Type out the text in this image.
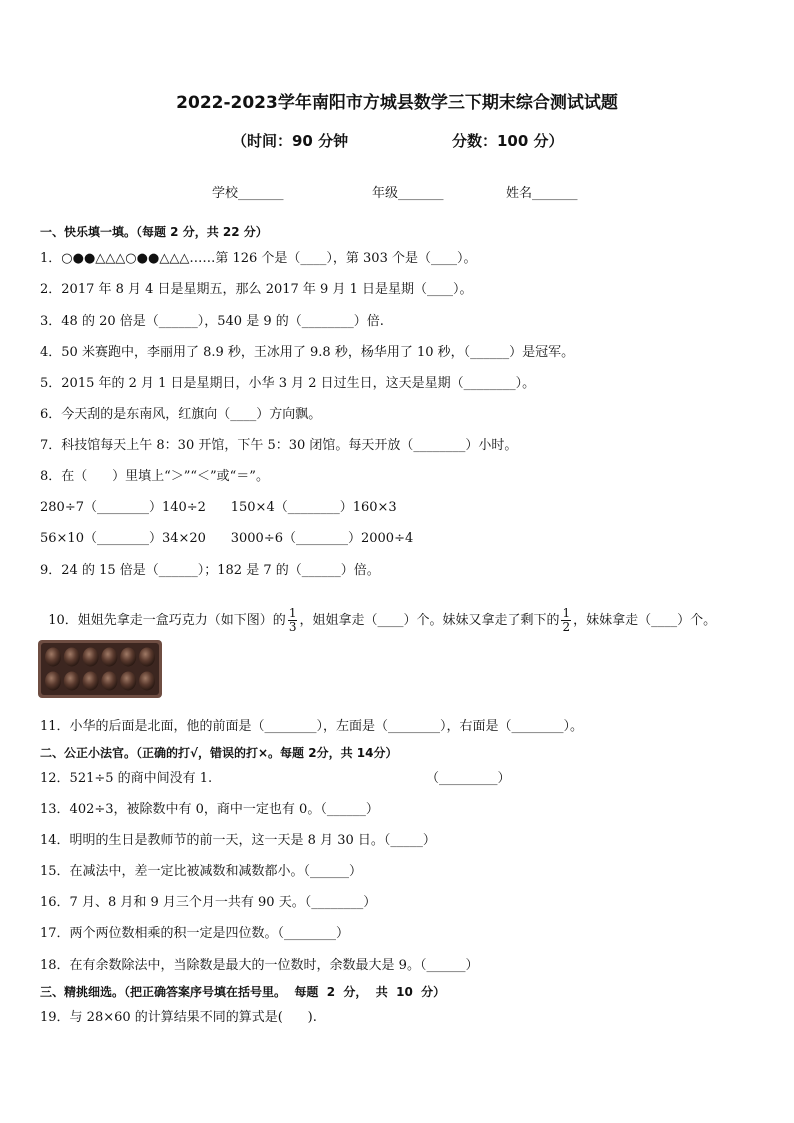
2022-2023学年南阳市方城县数学三下期末综合测试试题
（时间：90 分钟	分数：100 分）
学校_______	年级_______	姓名_______
一、快乐填一填。（每题 2 分，共 22 分）
1．○●●△△△○●●△△△……第 126 个是（____），第 303 个是（____）。
2．2017 年 8 月 4 日是星期五，那么 2017 年 9 月 1 日是星期（____）。
3．48 的 20 倍是（______），540 是 9 的（________）倍.
4．50 米赛跑中，李丽用了 8.9 秒，王冰用了 9.8 秒，杨华用了 10 秒，（______）是冠军。
5．2015 年的 2 月 1 日是星期日，小华 3 月 2 日过生日，这天是星期（________）。
6．今天刮的是东南风，红旗向（____）方向飘。
7．科技馆每天上午 8：30 开馆，下午 5：30 闭馆。每天开放（________）小时。
8．在（      ）里填上“＞”“＜”或“＝”。
280÷7（________）140÷2      150×4（________）160×3
56×10（________）34×20      3000÷6（________）2000÷4
9．24 的 15 倍是（______）；182 是 7 的（______）倍。

10．姐姐先拿走一盒巧克力（如下图）的 $\frac{1}{3}$ ，姐姐拿走（____）个。妹妹又拿走了剩下的 $\frac{1}{2}$ ，妹妹拿走（____）个。

11．小华的后面是北面，他的前面是（________），左面是（________），右面是（________）。
二、公正小法官。（正确的打√，错误的打×。每题 2分，共 14分）
12．521÷5 的商中间没有 1.	（_________）
13．402÷3，被除数中有 0，商中一定也有 0。（______）
14．明明的生日是教师节的前一天，这一天是 8 月 30 日。（_____）
15．在减法中，差一定比被减数和减数都小。（______）
16．7 月、8 月和 9 月三个月一共有 90 天。（________）
17．两个两位数相乘的积一定是四位数。（________）
18．在有余数除法中，当除数是最大的一位数时，余数最大是 9。（______）
三、精挑细选。（把正确答案序号填在括号里。  每题  2  分，  共  10  分）
19．与 28×60 的计算结果不同的算式是(      ).
